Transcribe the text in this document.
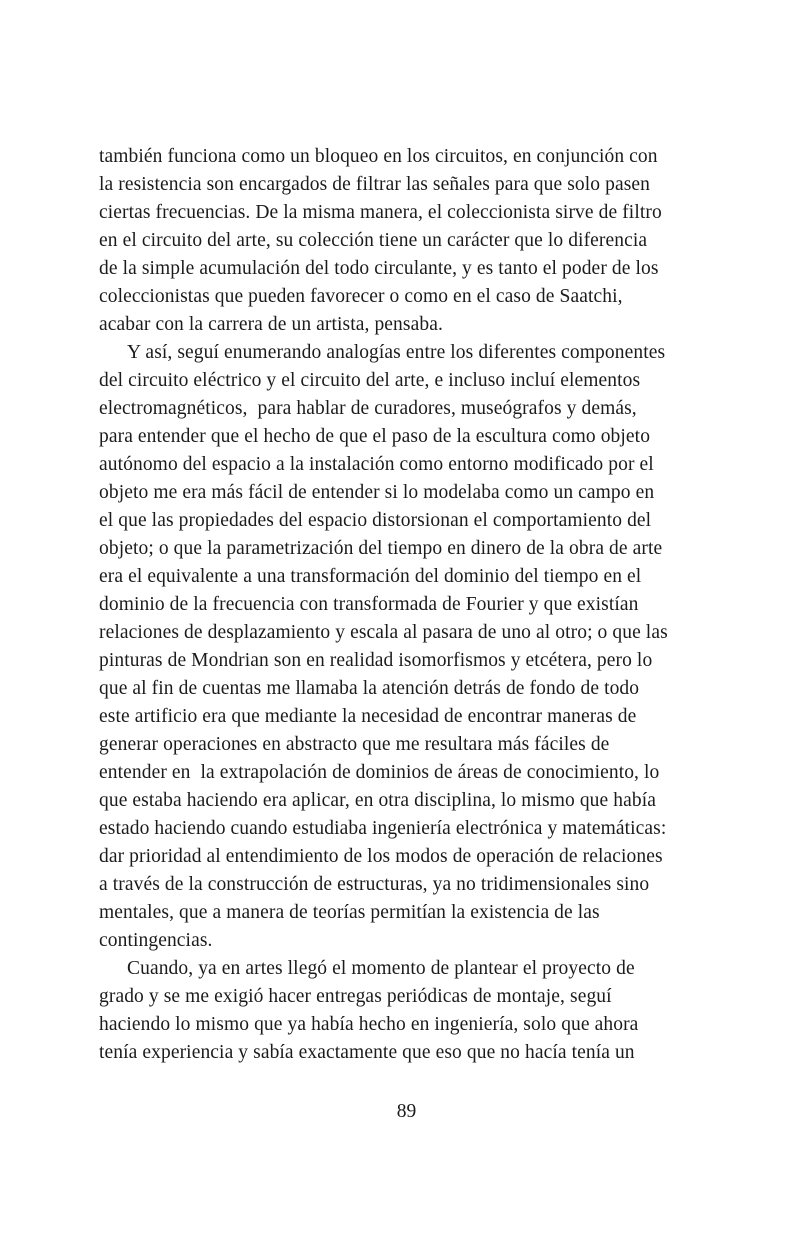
también funciona como un bloqueo en los circuitos, en conjunción con
la resistencia son encargados de filtrar las señales para que solo pasen
ciertas frecuencias. De la misma manera, el coleccionista sirve de filtro
en el circuito del arte, su colección tiene un carácter que lo diferencia
de la simple acumulación del todo circulante, y es tanto el poder de los
coleccionistas que pueden favorecer o como en el caso de Saatchi,
acabar con la carrera de un artista, pensaba.
Y así, seguí enumerando analogías entre los diferentes componentes
del circuito eléctrico y el circuito del arte, e incluso incluí elementos
electromagnéticos,  para hablar de curadores, museógrafos y demás,
para entender que el hecho de que el paso de la escultura como objeto
autónomo del espacio a la instalación como entorno modificado por el
objeto me era más fácil de entender si lo modelaba como un campo en
el que las propiedades del espacio distorsionan el comportamiento del
objeto; o que la parametrización del tiempo en dinero de la obra de arte
era el equivalente a una transformación del dominio del tiempo en el
dominio de la frecuencia con transformada de Fourier y que existían
relaciones de desplazamiento y escala al pasara de uno al otro; o que las
pinturas de Mondrian son en realidad isomorfismos y etcétera, pero lo
que al fin de cuentas me llamaba la atención detrás de fondo de todo
este artificio era que mediante la necesidad de encontrar maneras de
generar operaciones en abstracto que me resultara más fáciles de
entender en  la extrapolación de dominios de áreas de conocimiento, lo
que estaba haciendo era aplicar, en otra disciplina, lo mismo que había
estado haciendo cuando estudiaba ingeniería electrónica y matemáticas:
dar prioridad al entendimiento de los modos de operación de relaciones
a través de la construcción de estructuras, ya no tridimensionales sino
mentales, que a manera de teorías permitían la existencia de las
contingencias.
Cuando, ya en artes llegó el momento de plantear el proyecto de
grado y se me exigió hacer entregas periódicas de montaje, seguí
haciendo lo mismo que ya había hecho en ingeniería, solo que ahora
tenía experiencia y sabía exactamente que eso que no hacía tenía un
89
